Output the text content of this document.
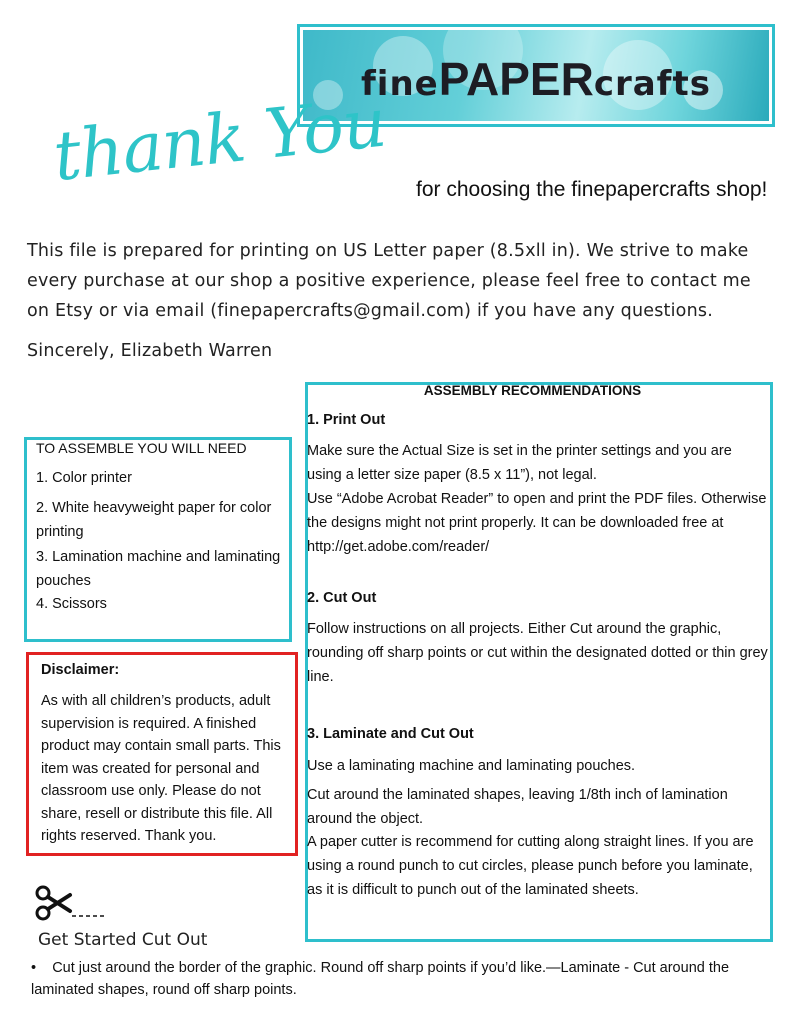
finePAPERcrafts
thank You for choosing the finepapercrafts shop!
This file is prepared for printing on US Letter paper (8.5xll in). We strive to make
every purchase at our shop a positive experience, please feel free to contact me
on Etsy or via email (finepapercrafts@gmail.com) if you have any questions.
Sincerely, Elizabeth Warren
TO ASSEMBLE YOU WILL NEED
1. Color printer
2. White heavyweight paper for color printing
3. Lamination machine and laminating pouches
4. Scissors
Disclaimer:
As with all children’s products, adult supervision is required. A finished product may contain small parts. This item was created for personal and classroom use only. Please do not share, resell or distribute this file. All rights reserved. Thank you.
ASSEMBLY RECOMMENDATIONS
1. Print Out
Make sure the Actual Size is set in the printer settings and you are using a letter size paper (8.5 x 11”), not legal.
Use “Adobe Acrobat Reader” to open and print the PDF files. Otherwise the designs might not print properly. It can be downloaded free at http://get.adobe.com/reader/
2. Cut Out
Follow instructions on all projects. Either Cut around the graphic, rounding off sharp points or cut within the designated dotted or thin grey line.
3. Laminate and Cut Out
Use a laminating machine and laminating pouches.
Cut around the laminated shapes, leaving 1/8th inch of lamination around the object.
A paper cutter is recommend for cutting along straight lines. If you are using a round punch to cut circles, please punch before you laminate, as it is difficult to punch out of the laminated sheets.
Get Started Cut Out
• Cut just around the border of the graphic. Round off sharp points if you’d like.—Laminate - Cut around the laminated shapes, round off sharp points.
